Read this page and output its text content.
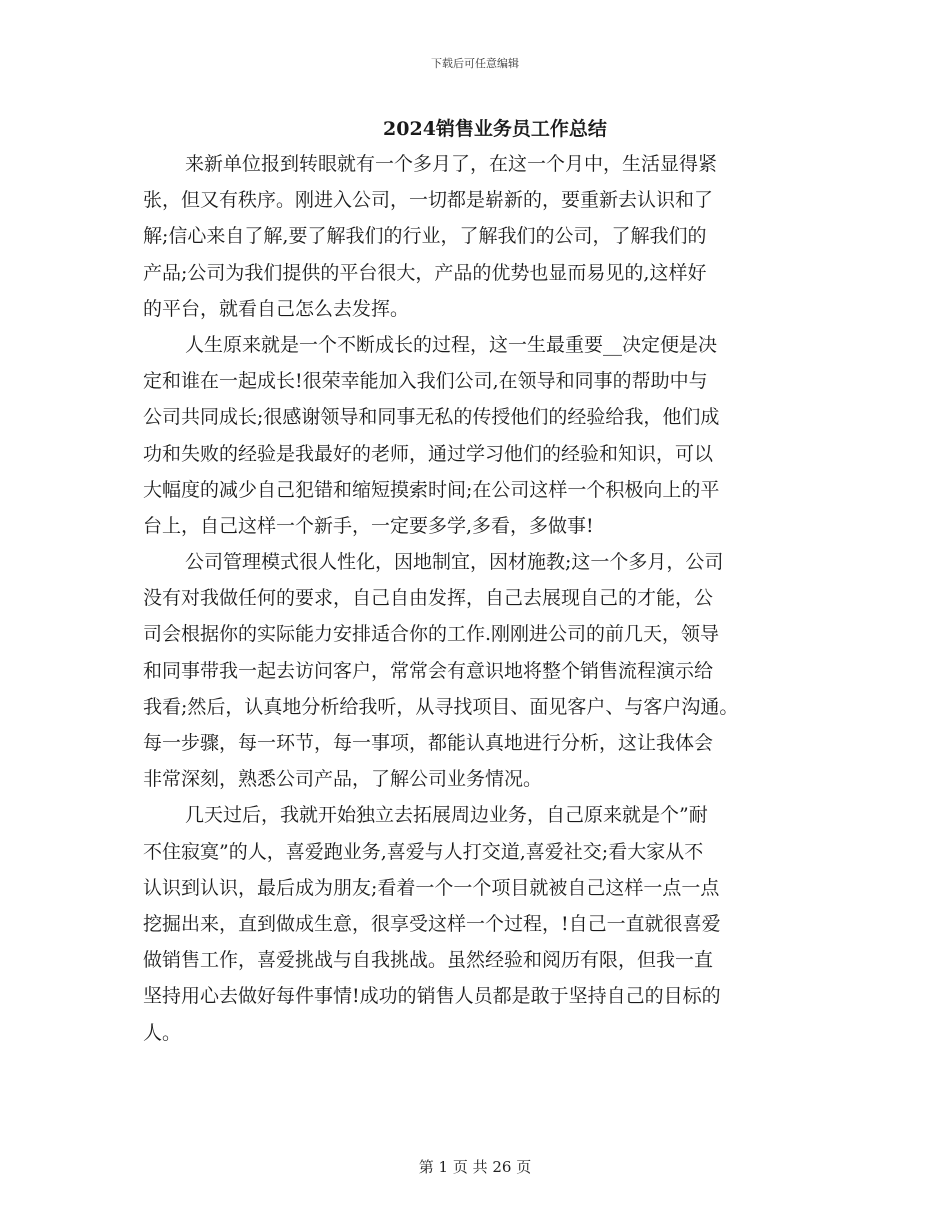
下载后可任意编辑
2024销售业务员工作总结
来新单位报到转眼就有一个多月了，在这一个月中，生活显得紧
张，但又有秩序。刚进入公司，一切都是崭新的，要重新去认识和了
解;信心来自了解,要了解我们的行业，了解我们的公司，了解我们的
产品;公司为我们提供的平台很大，产品的优势也显而易见的,这样好
的平台，就看自己怎么去发挥。
人生原来就是一个不断成长的过程，这一生最重要__决定便是决
定和谁在一起成长!很荣幸能加入我们公司,在领导和同事的帮助中与
公司共同成长;很感谢领导和同事无私的传授他们的经验给我，他们成
功和失败的经验是我最好的老师，通过学习他们的经验和知识，可以
大幅度的减少自己犯错和缩短摸索时间;在公司这样一个积极向上的平
台上，自己这样一个新手，一定要多学,多看，多做事!
公司管理模式很人性化，因地制宜，因材施教;这一个多月，公司
没有对我做任何的要求，自己自由发挥，自己去展现自己的才能，公
司会根据你的实际能力安排适合你的工作.刚刚进公司的前几天，领导
和同事带我一起去访问客户，常常会有意识地将整个销售流程演示给
我看;然后，认真地分析给我听，从寻找项目、面见客户、与客户沟通。
每一步骤，每一环节，每一事项，都能认真地进行分析，这让我体会
非常深刻，熟悉公司产品，了解公司业务情况。
几天过后，我就开始独立去拓展周边业务，自己原来就是个”耐
不住寂寞”的人，喜爱跑业务,喜爱与人打交道,喜爱社交;看大家从不
认识到认识，最后成为朋友;看着一个一个项目就被自己这样一点一点
挖掘出来，直到做成生意，很享受这样一个过程，!自己一直就很喜爱
做销售工作，喜爱挑战与自我挑战。虽然经验和阅历有限，但我一直
坚持用心去做好每件事情!成功的销售人员都是敢于坚持自己的目标的
人。
第 1 页 共 26 页
